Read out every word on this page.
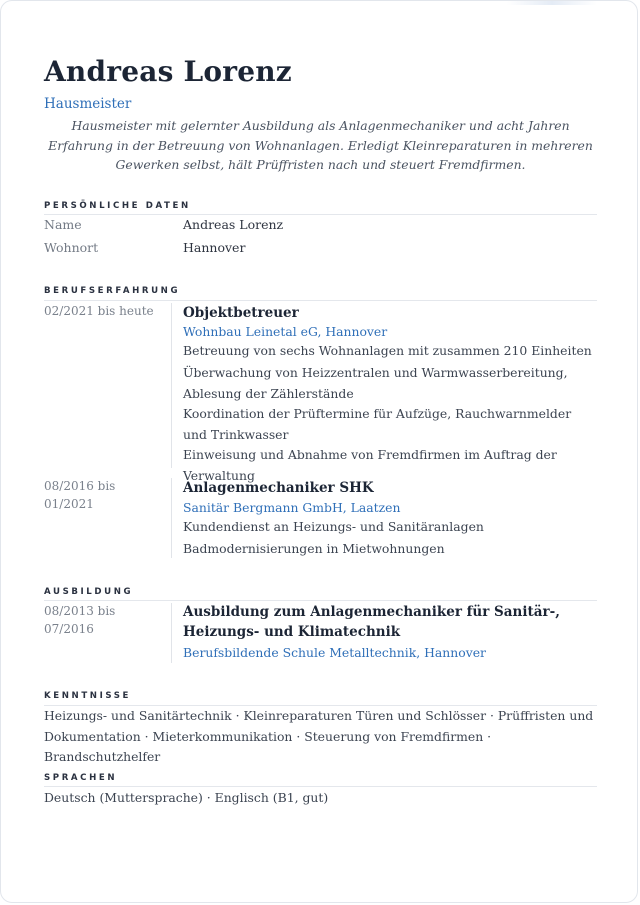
Andreas Lorenz
Hausmeister
Hausmeister mit gelernter Ausbildung als Anlagenmechaniker und acht Jahren Erfahrung in der Betreuung von Wohnanlagen. Erledigt Kleinreparaturen in mehreren Gewerken selbst, hält Prüffristen nach und steuert Fremdfirmen.
PERSÖNLICHE DATEN
Name	Andreas Lorenz
Wohnort	Hannover
BERUFSERFAHRUNG
02/2021 bis heute Objektbetreuer
Wohnbau Leinetal eG, Hannover
Betreuung von sechs Wohnanlagen mit zusammen 210 Einheiten
Überwachung von Heizzentralen und Warmwasserbereitung, Ablesung der Zählerstände
Koordination der Prüftermine für Aufzüge, Rauchwarnmelder und Trinkwasser
Einweisung und Abnahme von Fremdfirmen im Auftrag der Verwaltung
08/2016 bis 01/2021
Anlagenmechaniker SHK
Sanitär Bergmann GmbH, Laatzen
Kundendienst an Heizungs- und Sanitäranlagen
Badmodernisierungen in Mietwohnungen
AUSBILDUNG
08/2013 bis 07/2016
Ausbildung zum Anlagenmechaniker für Sanitär-, Heizungs- und Klimatechnik
Berufsbildende Schule Metalltechnik, Hannover
KENNTNISSE
Heizungs- und Sanitärtechnik · Kleinreparaturen Türen und Schlösser · Prüffristen und Dokumentation · Mieterkommunikation · Steuerung von Fremdfirmen · Brandschutzhelfer
SPRACHEN
Deutsch (Muttersprache) · Englisch (B1, gut)
